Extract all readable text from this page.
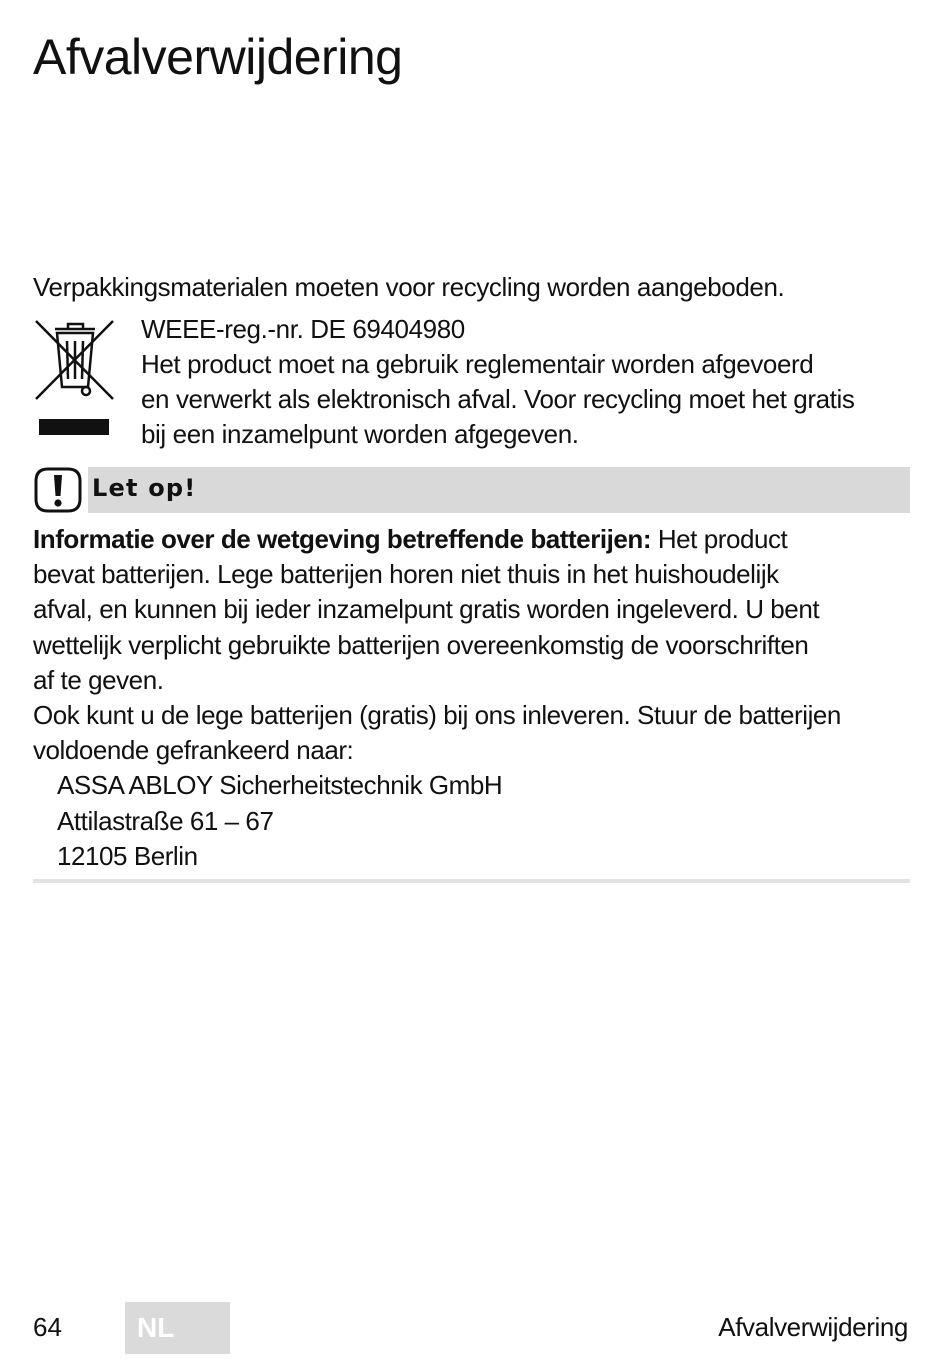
Afvalverwijdering
Verpakkingsmaterialen moeten voor recycling worden aangeboden.
WEEE-reg.-nr. DE 69404980
Het product moet na gebruik reglementair worden afgevoerd
en verwerkt als elektronisch afval. Voor recycling moet het gratis
bij een inzamelpunt worden afgegeven.
Let op!
Informatie over de wetgeving betreffende batterijen: Het product
bevat batterijen. Lege batterijen horen niet thuis in het huishoudelijk
afval, en kunnen bij ieder inzamelpunt gratis worden ingeleverd. U bent
wettelijk verplicht gebruikte batterijen overeenkomstig de voorschriften
af te geven.
Ook kunt u de lege batterijen (gratis) bij ons inleveren. Stuur de batterijen
voldoende gefrankeerd naar:
ASSA ABLOY Sicherheitstechnik GmbH
Attilastraße 61 – 67
12105 Berlin
64	NL	Afvalverwijdering
